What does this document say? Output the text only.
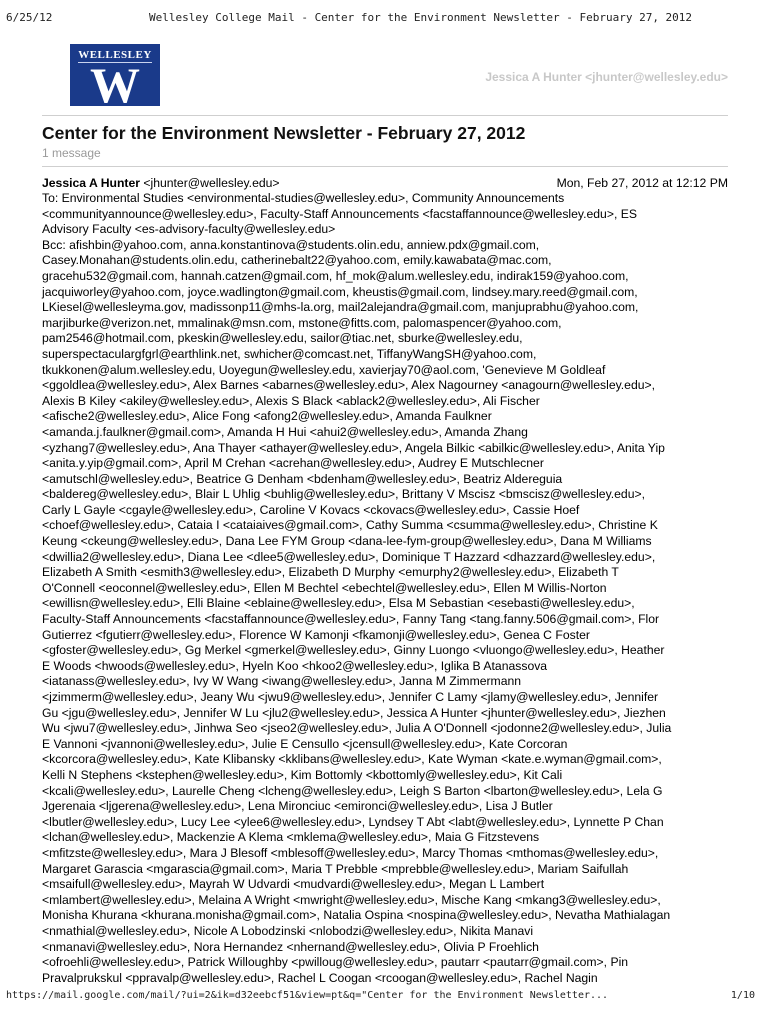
6/25/12	Wellesley College Mail - Center for the Environment Newsletter - February 27, 2012
WELLESLEY
W	Jessica A Hunter <jhunter@wellesley.edu>
Center for the Environment Newsletter - February 27, 2012
1 message
Jessica A Hunter <jhunter@wellesley.edu>	Mon, Feb 27, 2012 at 12:12 PM
To: Environmental Studies <environmental-studies@wellesley.edu>, Community Announcements
<communityannounce@wellesley.edu>, Faculty-Staff Announcements <facstaffannounce@wellesley.edu>, ES
Advisory Faculty <es-advisory-faculty@wellesley.edu>
Bcc: afishbin@yahoo.com, anna.konstantinova@students.olin.edu, anniew.pdx@gmail.com,
Casey.Monahan@students.olin.edu, catherinebalt22@yahoo.com, emily.kawabata@mac.com,
gracehu532@gmail.com, hannah.catzen@gmail.com, hf_mok@alum.wellesley.edu, indirak159@yahoo.com,
jacquiworley@yahoo.com, joyce.wadlington@gmail.com, kheustis@gmail.com, lindsey.mary.reed@gmail.com,
LKiesel@wellesleyma.gov, madissonp11@mhs-la.org, mail2alejandra@gmail.com, manjuprabhu@yahoo.com,
marjiburke@verizon.net, mmalinak@msn.com, mstone@fitts.com, palomaspencer@yahoo.com,
pam2546@hotmail.com, pkeskin@wellesley.edu, sailor@tiac.net, sburke@wellesley.edu,
superspectaculargfgrl@earthlink.net, swhicher@comcast.net, TiffanyWangSH@yahoo.com,
tkukkonen@alum.wellesley.edu, Uoyegun@wellesley.edu, xavierjay70@aol.com, 'Genevieve M Goldleaf
<ggoldlea@wellesley.edu>, Alex Barnes <abarnes@wellesley.edu>, Alex Nagourney <anagourn@wellesley.edu>,
Alexis B Kiley <akiley@wellesley.edu>, Alexis S Black <ablack2@wellesley.edu>, Ali Fischer
<afische2@wellesley.edu>, Alice Fong <afong2@wellesley.edu>, Amanda Faulkner
<amanda.j.faulkner@gmail.com>, Amanda H Hui <ahui2@wellesley.edu>, Amanda Zhang
<yzhang7@wellesley.edu>, Ana Thayer <athayer@wellesley.edu>, Angela Bilkic <abilkic@wellesley.edu>, Anita Yip
<anita.y.yip@gmail.com>, April M Crehan <acrehan@wellesley.edu>, Audrey E Mutschlecner
<amutschl@wellesley.edu>, Beatrice G Denham <bdenham@wellesley.edu>, Beatriz Aldereguia
<baldereg@wellesley.edu>, Blair L Uhlig <buhlig@wellesley.edu>, Brittany V Mscisz <bmscisz@wellesley.edu>,
Carly L Gayle <cgayle@wellesley.edu>, Caroline V Kovacs <ckovacs@wellesley.edu>, Cassie Hoef
<choef@wellesley.edu>, Cataia I <cataiaives@gmail.com>, Cathy Summa <csumma@wellesley.edu>, Christine K
Keung <ckeung@wellesley.edu>, Dana Lee FYM Group <dana-lee-fym-group@wellesley.edu>, Dana M Williams
<dwillia2@wellesley.edu>, Diana Lee <dlee5@wellesley.edu>, Dominique T Hazzard <dhazzard@wellesley.edu>,
Elizabeth A Smith <esmith3@wellesley.edu>, Elizabeth D Murphy <emurphy2@wellesley.edu>, Elizabeth T
O'Connell <eoconnel@wellesley.edu>, Ellen M Bechtel <ebechtel@wellesley.edu>, Ellen M Willis-Norton
<ewillisn@wellesley.edu>, Elli Blaine <eblaine@wellesley.edu>, Elsa M Sebastian <esebasti@wellesley.edu>,
Faculty-Staff Announcements <facstaffannounce@wellesley.edu>, Fanny Tang <tang.fanny.506@gmail.com>, Flor
Gutierrez <fgutierr@wellesley.edu>, Florence W Kamonji <fkamonji@wellesley.edu>, Genea C Foster
<gfoster@wellesley.edu>, Gg Merkel <gmerkel@wellesley.edu>, Ginny Luongo <vluongo@wellesley.edu>, Heather
E Woods <hwoods@wellesley.edu>, Hyeln Koo <hkoo2@wellesley.edu>, Iglika B Atanassova
<iatanass@wellesley.edu>, Ivy W Wang <iwang@wellesley.edu>, Janna M Zimmermann
<jzimmerm@wellesley.edu>, Jeany Wu <jwu9@wellesley.edu>, Jennifer C Lamy <jlamy@wellesley.edu>, Jennifer
Gu <jgu@wellesley.edu>, Jennifer W Lu <jlu2@wellesley.edu>, Jessica A Hunter <jhunter@wellesley.edu>, Jiezhen
Wu <jwu7@wellesley.edu>, Jinhwa Seo <jseo2@wellesley.edu>, Julia A O'Donnell <jodonne2@wellesley.edu>, Julia
E Vannoni <jvannoni@wellesley.edu>, Julie E Censullo <jcensull@wellesley.edu>, Kate Corcoran
<kcorcora@wellesley.edu>, Kate Klibansky <kklibans@wellesley.edu>, Kate Wyman <kate.e.wyman@gmail.com>,
Kelli N Stephens <kstephen@wellesley.edu>, Kim Bottomly <kbottomly@wellesley.edu>, Kit Cali
<kcali@wellesley.edu>, Laurelle Cheng <lcheng@wellesley.edu>, Leigh S Barton <lbarton@wellesley.edu>, Lela G
Jgerenaia <ljgerena@wellesley.edu>, Lena Mironciuc <emironci@wellesley.edu>, Lisa J Butler
<lbutler@wellesley.edu>, Lucy Lee <ylee6@wellesley.edu>, Lyndsey T Abt <labt@wellesley.edu>, Lynnette P Chan
<lchan@wellesley.edu>, Mackenzie A Klema <mklema@wellesley.edu>, Maia G Fitzstevens
<mfitzste@wellesley.edu>, Mara J Blesoff <mblesoff@wellesley.edu>, Marcy Thomas <mthomas@wellesley.edu>,
Margaret Garascia <mgarascia@gmail.com>, Maria T Prebble <mprebble@wellesley.edu>, Mariam Saifullah
<msaifull@wellesley.edu>, Mayrah W Udvardi <mudvardi@wellesley.edu>, Megan L Lambert
<mlambert@wellesley.edu>, Melaina A Wright <mwright@wellesley.edu>, Mische Kang <mkang3@wellesley.edu>,
Monisha Khurana <khurana.monisha@gmail.com>, Natalia Ospina <nospina@wellesley.edu>, Nevatha Mathialagan
<nmathial@wellesley.edu>, Nicole A Lobodzinski <nlobodzi@wellesley.edu>, Nikita Manavi
<nmanavi@wellesley.edu>, Nora Hernandez <nhernand@wellesley.edu>, Olivia P Froehlich
<ofroehli@wellesley.edu>, Patrick Willoughby <pwilloug@wellesley.edu>, pautarr <pautarr@gmail.com>, Pin
Pravalprukskul <ppravalp@wellesley.edu>, Rachel L Coogan <rcoogan@wellesley.edu>, Rachel Nagin
https://mail.google.com/mail/?ui=2&ik=d32eebcf51&view=pt&q="Center for the Environment Newsletter...	1/10
